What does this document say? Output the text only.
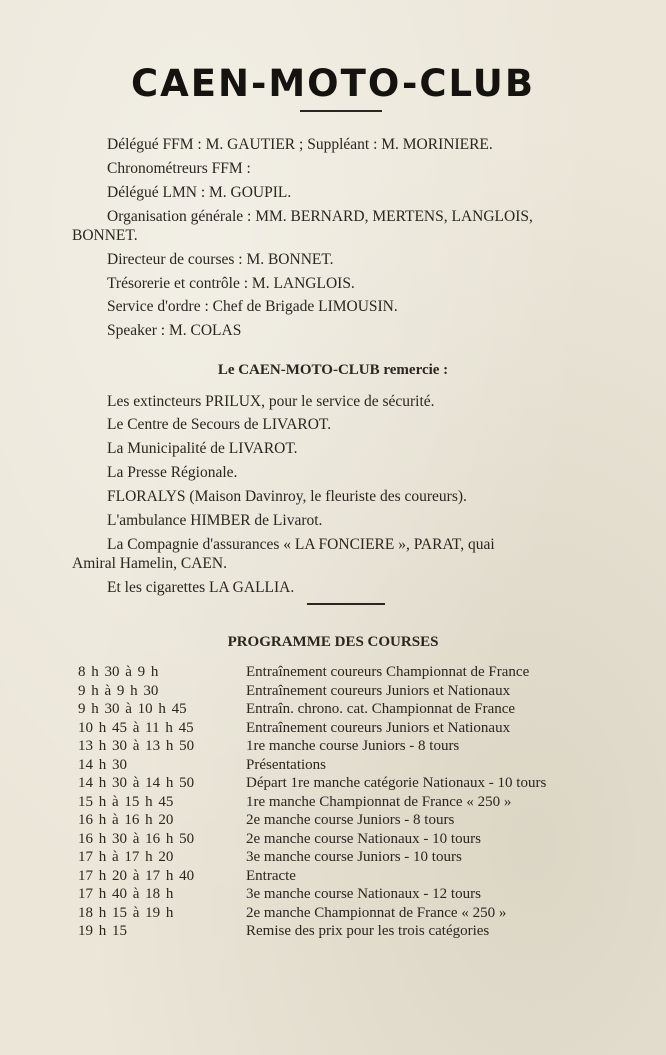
CAEN-MOTO-CLUB
Délégué FFM : M. GAUTIER ; Suppléant : M. MORINIERE.
Chronométreurs FFM :
Délégué LMN : M. GOUPIL.
Organisation générale : MM. BERNARD, MERTENS, LANGLOIS,
BONNET.
Directeur de courses : M. BONNET.
Trésorerie et contrôle : M. LANGLOIS.
Service d'ordre : Chef de Brigade LIMOUSIN.
Speaker : M. COLAS
Le CAEN-MOTO-CLUB remercie :
Les extincteurs PRILUX, pour le service de sécurité.
Le Centre de Secours de LIVAROT.
La Municipalité de LIVAROT.
La Presse Régionale.
FLORALYS (Maison Davinroy, le fleuriste des coureurs).
L'ambulance HIMBER de Livarot.
La Compagnie d'assurances « LA FONCIERE », PARAT, quai
Amiral Hamelin, CAEN.
Et les cigarettes LA GALLIA.
PROGRAMME DES COURSES
8 h 30 à 9 h	Entraînement coureurs Championnat de France
9 h à 9 h 30	Entraînement coureurs Juniors et Nationaux
9 h 30 à 10 h 45	Entraîn. chrono. cat. Championnat de France
10 h 45 à 11 h 45	Entraînement coureurs Juniors et Nationaux
13 h 30 à 13 h 50	1re manche course Juniors - 8 tours
14 h 30	Présentations
14 h 30 à 14 h 50	Départ 1re manche catégorie Nationaux - 10 tours
15 h à 15 h 45	1re manche Championnat de France « 250 »
16 h à 16 h 20	2e manche course Juniors - 8 tours
16 h 30 à 16 h 50	2e manche course Nationaux - 10 tours
17 h à 17 h 20	3e manche course Juniors - 10 tours
17 h 20 à 17 h 40	Entracte
17 h 40 à 18 h	3e manche course Nationaux - 12 tours
18 h 15 à 19 h	2e manche Championnat de France « 250 »
19 h 15	Remise des prix pour les trois catégories
